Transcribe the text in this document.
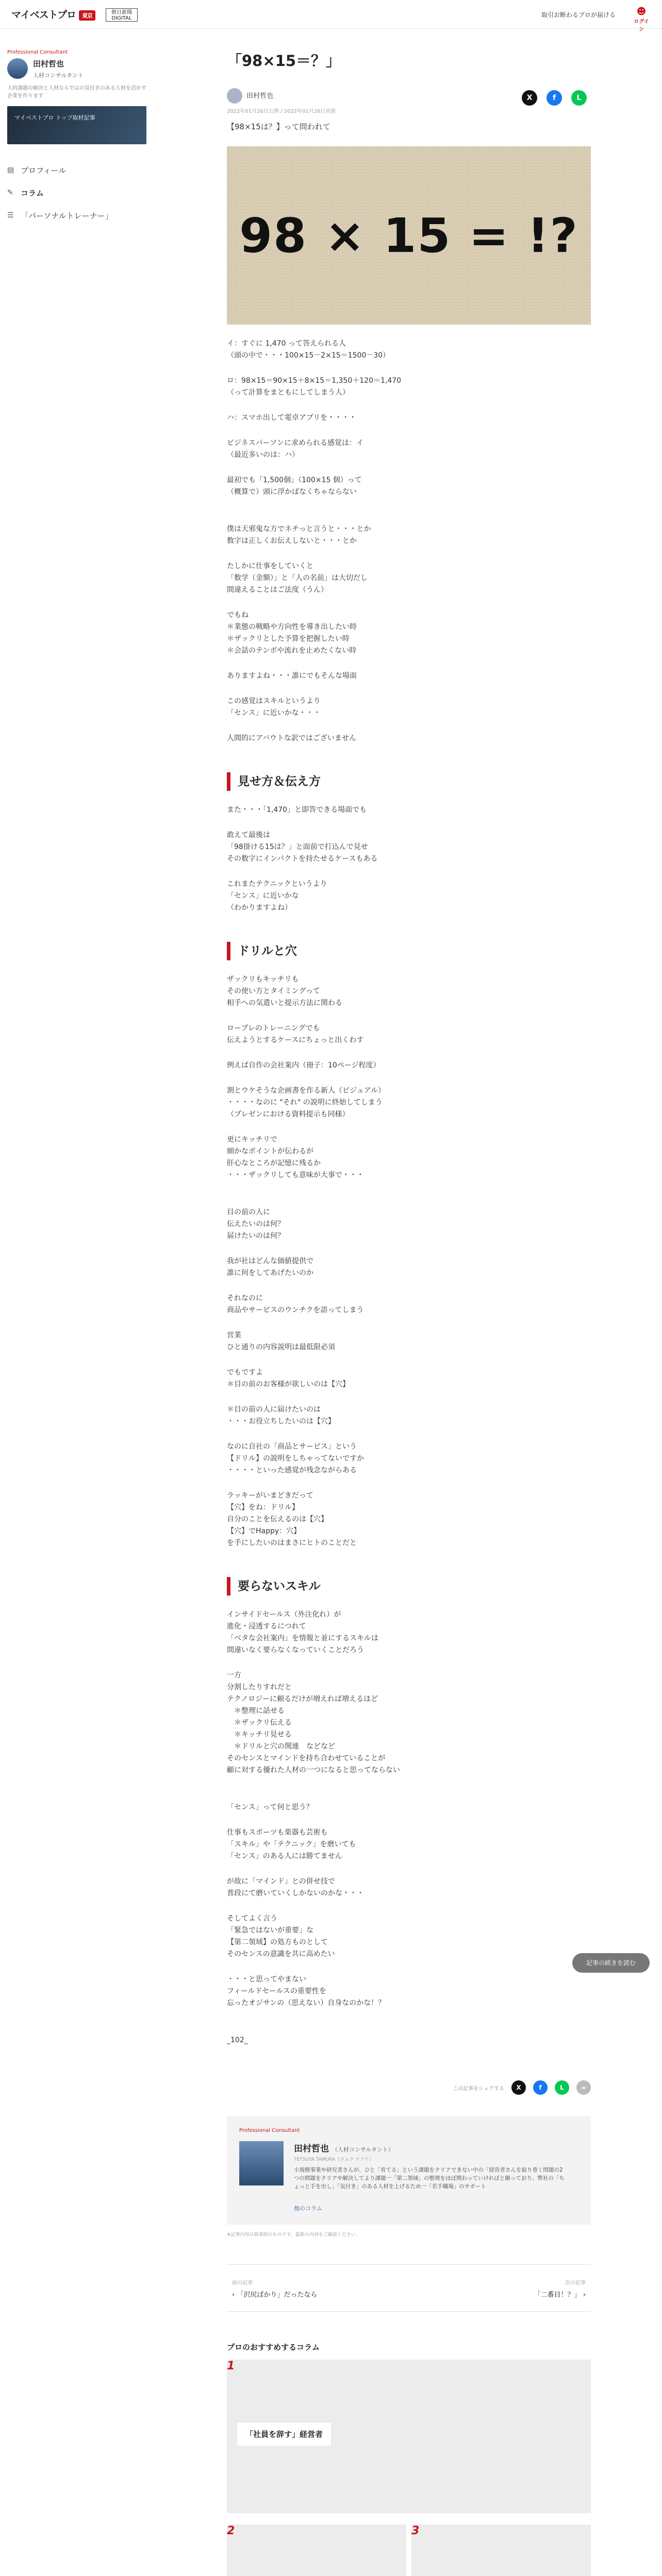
マイベストプロ 東京	朝日新聞 DIGITAL	取引お断わるプロが届ける	☻
ログイン
Professional Consultant
田村哲也
人材コンサルタント
人的課題の解決と人材ならではの気付きのある人材を活かす企業を作ります
マイベストプロ トップ取材記事
▤ プロフィール
✎ コラム
☰ 「パーソナルトレーナー」
「98×15＝？」
田村哲也
2022年01月26日公開 / 2022年01月26日更新
X	f	L
【98×15は？】って問われて
98 × 15 = !?
イ：すぐに 1,470 って答えられる人
（頭の中で・・・100×15－2×15＝1500－30）
ロ：98×15＝90×15＋8×15＝1,350＋120＝1,470
（って計算をまともにしてしまう人）
ハ：スマホ出して電卓アプリを・・・・
ビジネスパーソンに求められる感覚は：イ
（最近多いのは：ハ）
最初でも「1,500個」（100×15 個）って
（概算で）頭に浮かばなくちゃならない

僕は天邪鬼な方でネチっと言うと・・・とか
数字は正しくお伝えしないと・・・とか
たしかに仕事をしていくと
「数学（金額）」と「人の名前」は大切だし
間違えることはご法度（うん）
でもね
＊業態の戦略や方向性を導き出したい時
＊ザックリとした予算を把握したい時
＊会話のテンポや流れを止めたくない時
ありますよね・・・誰にでもそんな場面
この感覚はスキルというより
「センス」に近いかな・・・
人間的にアバウトな訳ではございません
見せ方＆伝え方
また・・・「1,470」と即答できる場面でも
敢えて最後は
「98掛ける15は？」と面前で打込んで見せ
その数字にインパクトを持たせるケースもある
これまたテクニックというより
「センス」に近いかな
（わかりますよね）
ドリルと穴
ザックリもキッチリも
その使い方とタイミングって
相手への気遣いと提示方法に関わる
ロープレのトレーニングでも
伝えようとするケースにちょっと出くわす
例えば自作の会社案内（冊子：10ページ程度）
割とウケそうな企画書を作る新人（ビジュアル）
・・・・なのに "それ" の説明に終始してしまう
（プレゼンにおける資料提示も同様）
更にキッチリで
細かなポイントが伝わるが
肝心なところが記憶に残るか
・・・ザックリしても意味が大事で・・・

目の前の人に
伝えたいのは何？
届けたいのは何？
我が社はどんな価値提供で
誰に何をしてあげたいのか
それなのに
商品やサービスのウンチクを語ってしまう
営業
ひと通りの内容説明は最低限必須
でもですよ
＊目の前のお客様が欲しいのは【穴】
＊目の前の人に届けたいのは
・・・お役立ちしたいのは【穴】
なのに自社の「商品とサービス」という
【ドリル】の説明をしちゃってないですか
・・・・といった感覚が残念ながらある
ラッキーがいまどきだって
【穴】をね：ドリル】
自分のことを伝えるのは【穴】
【穴】でHappy：穴】
を手にしたいのはまさにヒトのことだと
要らないスキル
インサイドセールス（外注化れ）が
進化・浸透するにつれて
「ベタな会社案内」を情報と並にするスキルは
間違いなく要らなくなっていくことだろう
一方
分割したりすれだと
テクノロジーに頼るだけが増えれば増えるほど
　＊整理に話せる
　＊ザックリ伝える
　＊キッチリ見せる
　＊ドリルと穴の関連　などなど
そのセンスとマインドを持ち合わせていることが
顧に対する優れた人材の一つになると思ってならない

「センス」って何と思う？
仕事もスポーツも楽器も芸術も
「スキル」や「テクニック」を磨いても
「センス」のある人には勝てません
が故に「マインド」との併せ技で
普段にて磨いていくしかないのかな・・・
そしてよく言う
「緊急ではないが重要」な
【第二領域】の処方ものとして
そのセンスの意識を共に高めたい
・・・と思ってやまない
フィールドセールスの重要性を
忘ったオジサンの（思えない）自身なのかな！？

_102_
この記事をシェアする	X	f	L	∞
Professional Consultant
田村哲也 （人材コンサルタント）
TETSUYA TAMURA（タムラ テツヤ）
小規模事業や研究者さんが、ひと「育てる」という課題をクリアできない中の「経営者さんを取り巻く問題の2つの問題をクリアや解決してより課題一「第二領域」の整理をほぼ関わっていければと願っており、弊社の「ちょっと手を出し」「気付き」のある人材を上げるため一「若手職場」のサポート
他のコラム
※記事内容は執筆時のものです。最新の内容をご確認ください。
前の記事
‹ 「沢尻ばかり」だったなら
次の記事
「二番目！？」 ›
プロのおすすめするコラム
1
「社員を辞す」経営者
2	3
記事の続きを読む
